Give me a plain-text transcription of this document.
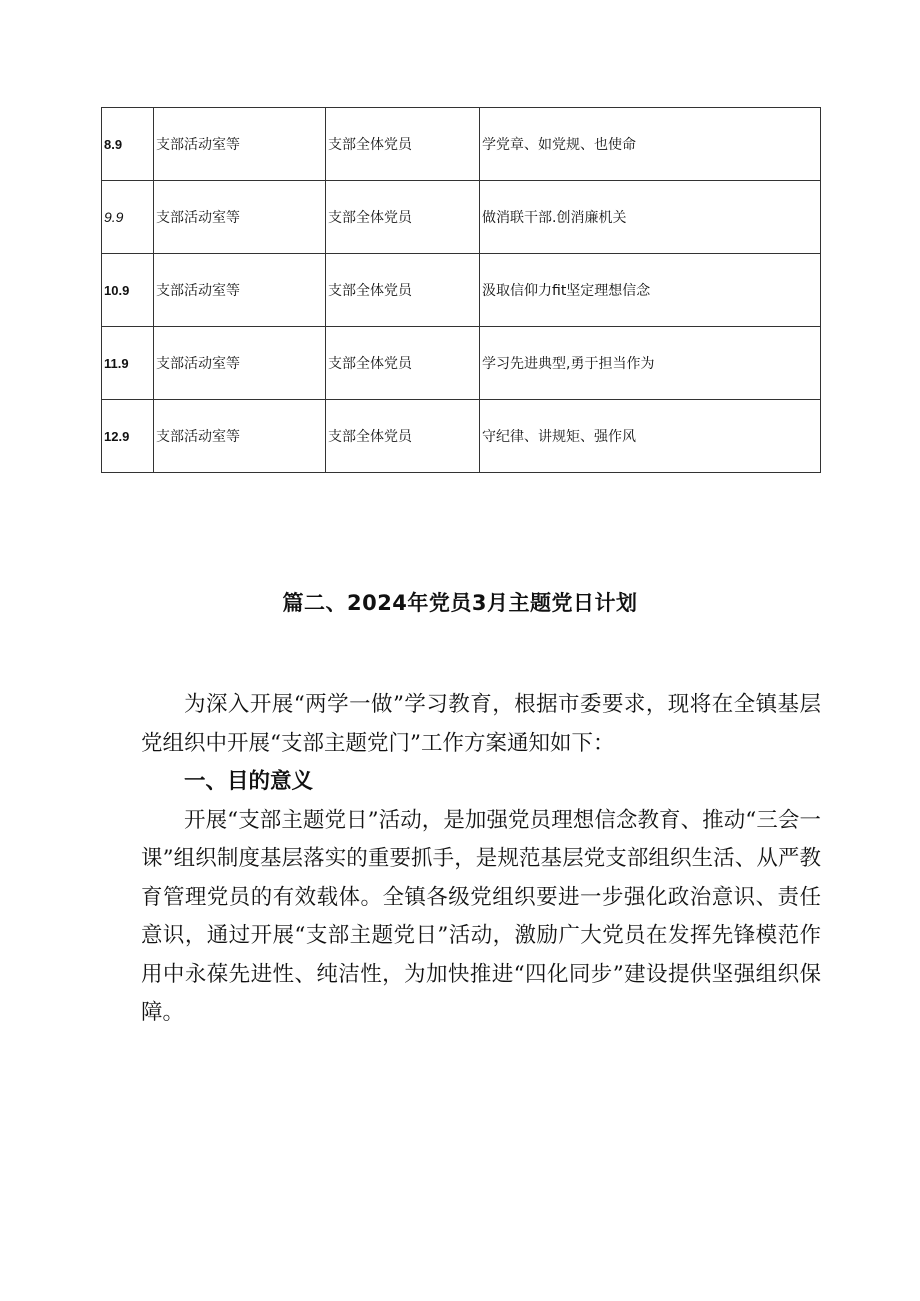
8.9	支部活动室等	支部全体党员	学党章、如党规、也使命
9.9	支部活动室等	支部全体党员	做消联干部.创消廉机关
10.9	支部活动室等	支部全体党员	汲取信仰力fit坚定理想信念
11.9	支部活动室等	支部全体党员	学习先进典型,勇于担当作为
12.9	支部活动室等	支部全体党员	守纪律、讲规矩、强作风
篇二、2024年党员3月主题党日计划

为深入开展“两学一做”学习教育，根据市委要求，现将在全镇基层党组织中开展“支部主题党门”工作方案通知如下：

一、目的意义

开展“支部主题党日”活动，是加强党员理想信念教育、推动“三会一课”组织制度基层落实的重要抓手，是规范基层党支部组织生活、从严教育管理党员的有效载体。全镇各级党组织要进一步强化政治意识、责任意识，通过开展“支部主题党日”活动，激励广大党员在发挥先锋模范作用中永葆先进性、纯洁性，为加快推进“四化同步”建设提供坚强组织保障。
